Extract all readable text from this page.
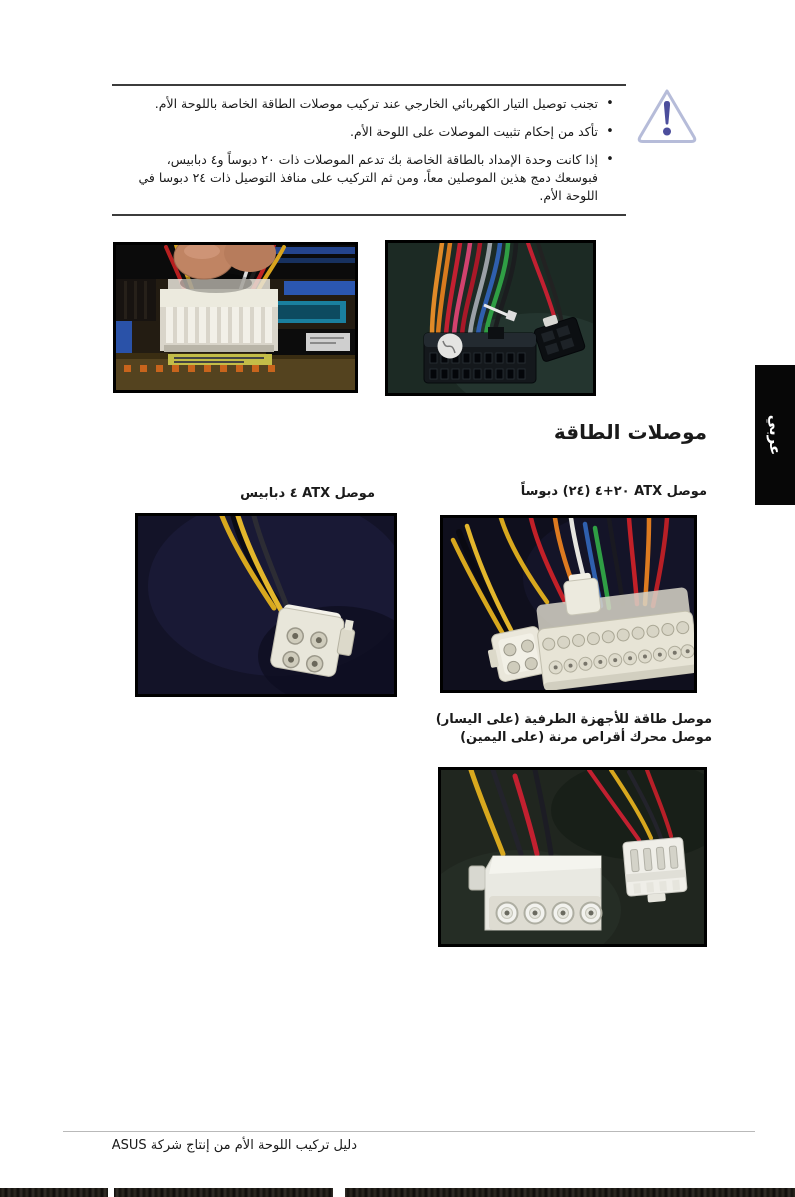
•
تجنب توصيل التيار الكهربائي الخارجي عند تركيب موصلات الطاقة الخاصة باللوحة الأم.
•
تأكد من إحكام تثبيت الموصلات على اللوحة الأم.
•
إذا كانت وحدة الإمداد بالطاقة الخاصة بك تدعم الموصلات ذات ٢٠ دبوساً و٤ دبابيس، فبوسعك دمج هذين الموصلين معاً، ومن ثم التركيب على منافذ التوصيل ذات ٢٤ دبوسا في اللوحة الأم.
عربي
موصلات الطاقة
موصل ATX ٢٠+٤ (٢٤) دبوساً
موصل ATX ٤ دبابيس
موصل طاقة للأجهزة الطرفية (على اليسار)
موصل محرك أقراص مرنة (على اليمين)
دليل تركيب اللوحة الأم من إنتاج شركة ASUS
